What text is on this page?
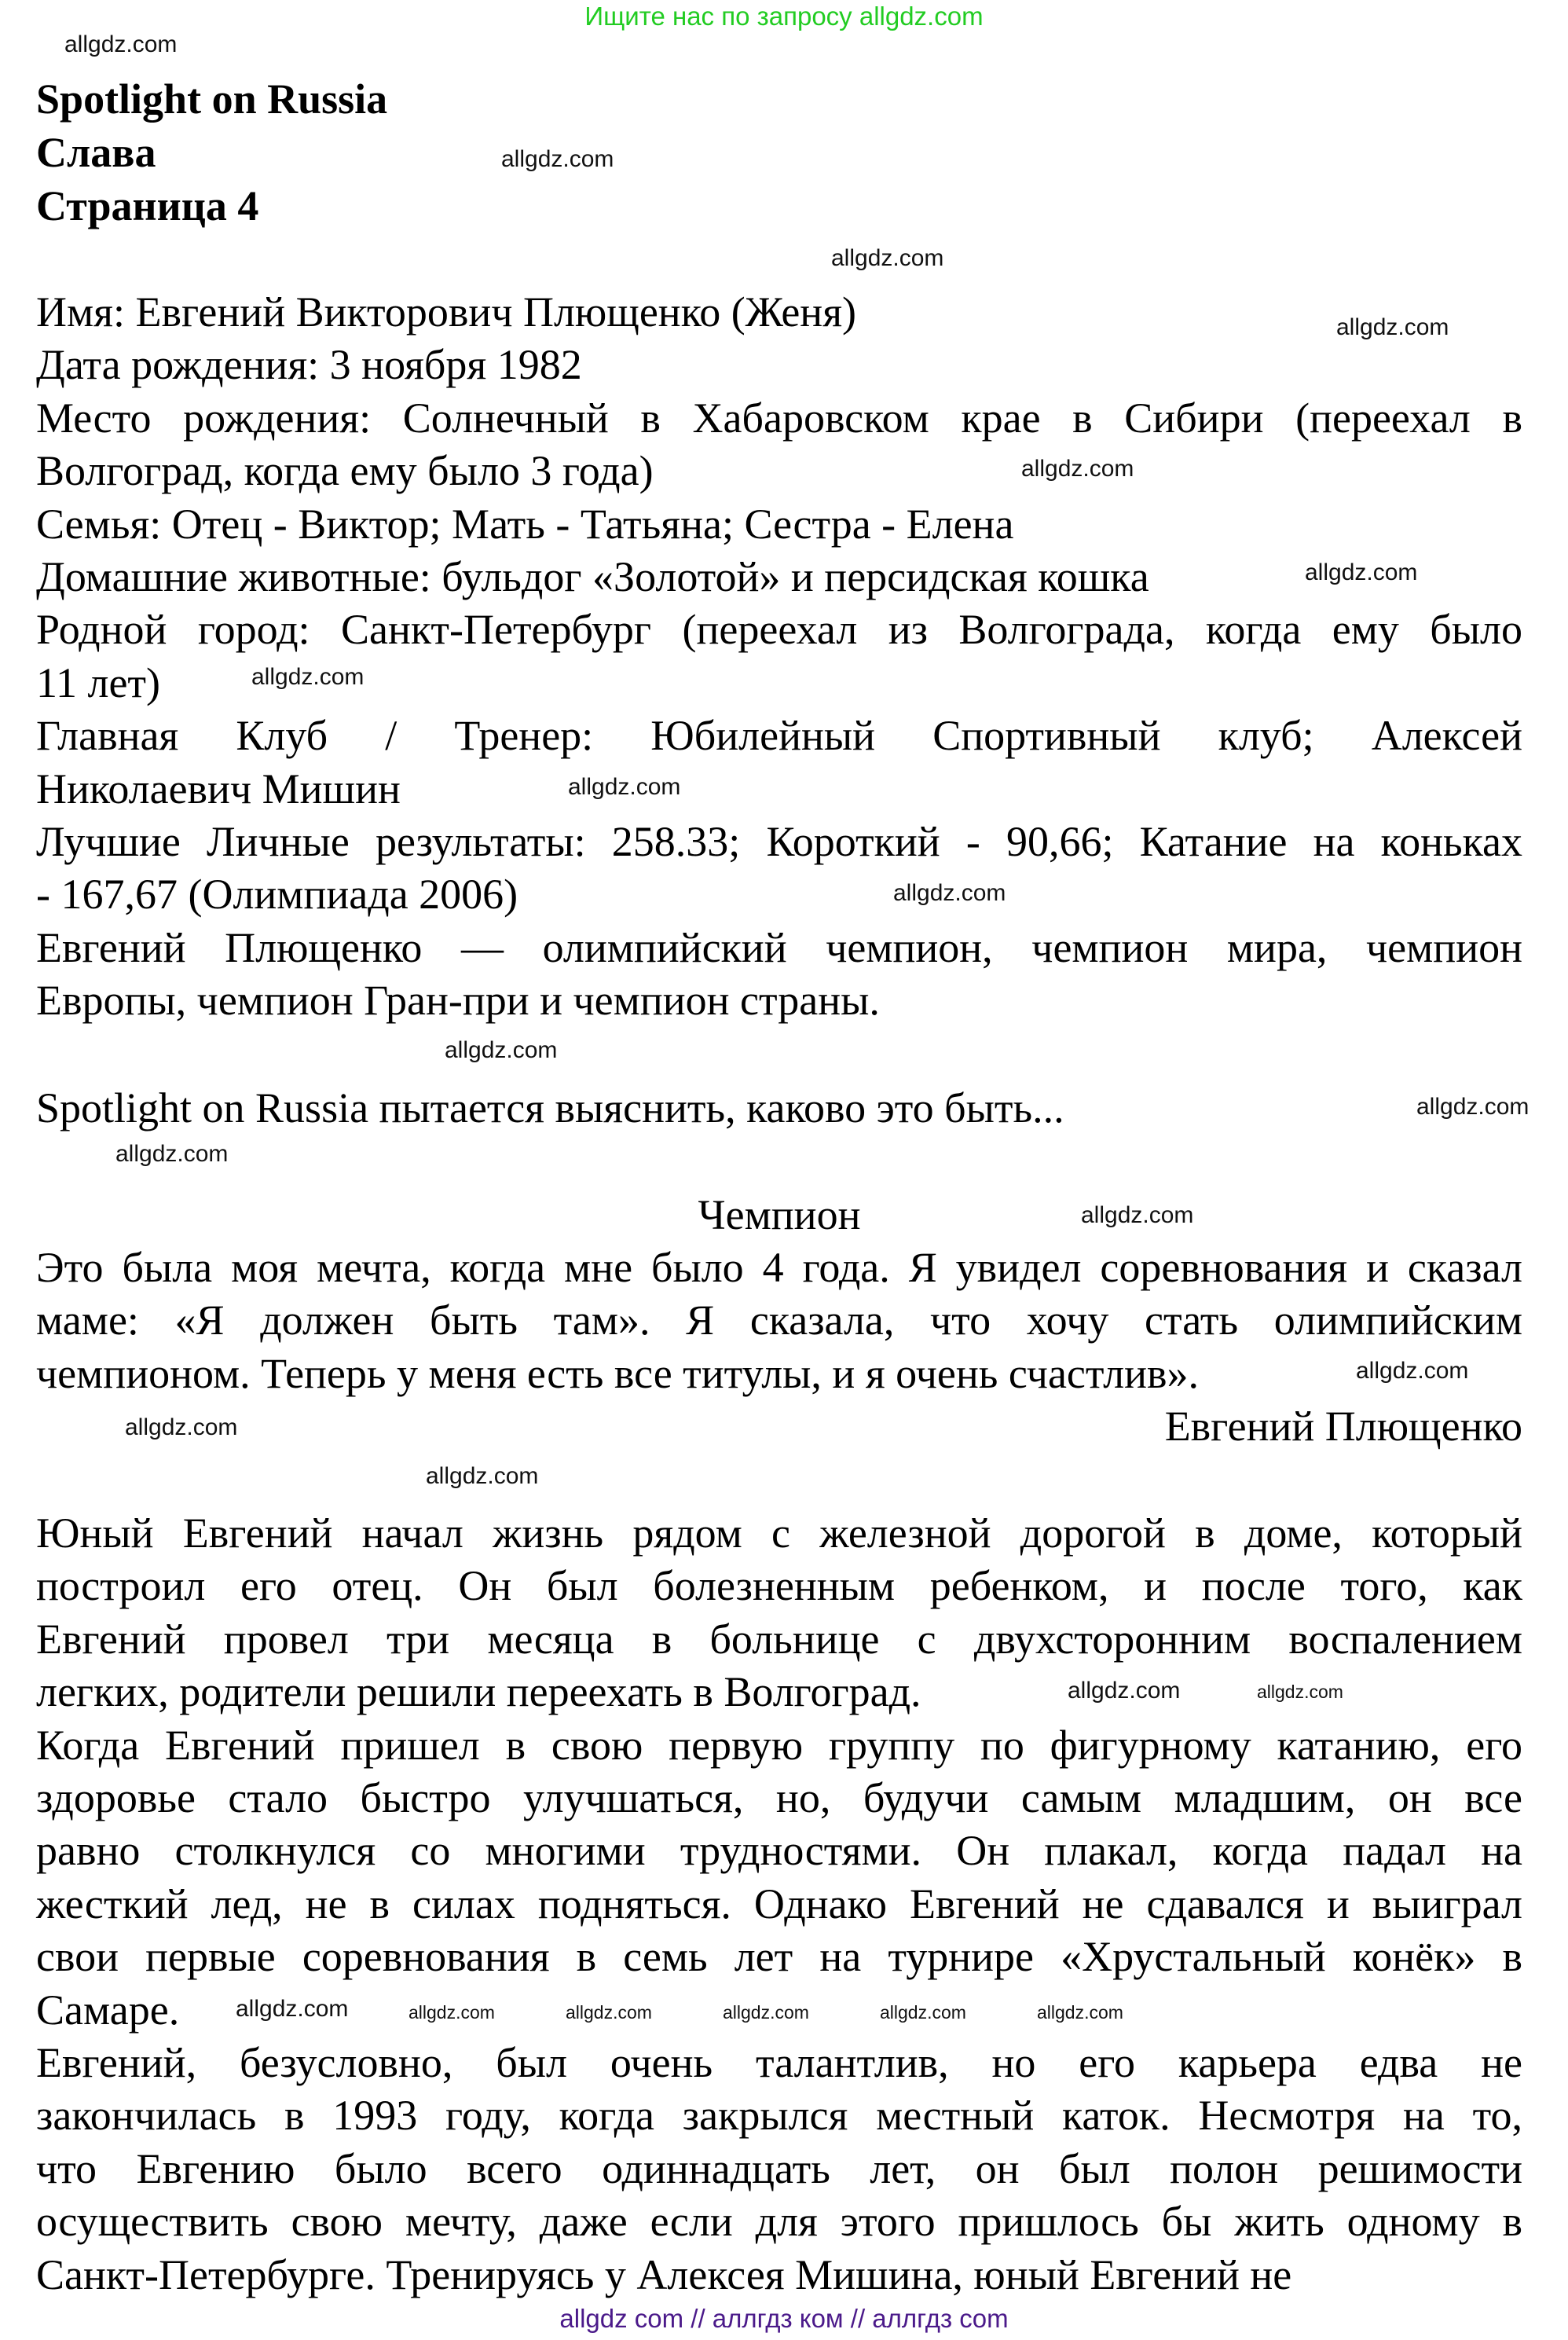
Ищите нас по запросу allgdz.com
Spotlight on Russia
Слава
Страница 4
Имя: Евгений Викторович Плющенко (Женя)
Дата рождения: 3 ноября 1982
Место рождения: Солнечный в Хабаровском крае в Сибири (переехал в
Волгоград, когда ему было 3 года)
Семья: Отец - Виктор; Мать - Татьяна; Сестра - Елена
Домашние животные: бульдог «Золотой» и персидская кошка
Родной город: Санкт-Петербург (переехал из Волгограда, когда ему было
11 лет)
Главная Клуб / Тренер: Юбилейный Спортивный клуб; Алексей
Николаевич Мишин
Лучшие Личные результаты: 258.33; Короткий - 90,66; Катание на коньках
- 167,67 (Олимпиада 2006)
Евгений Плющенко — олимпийский чемпион, чемпион мира, чемпион
Европы, чемпион Гран-при и чемпион страны.
Spotlight on Russia пытается выяснить, каково это быть...
Чемпион
Это была моя мечта, когда мне было 4 года. Я увидел соревнования и сказал
маме: «Я должен быть там». Я сказала, что хочу стать олимпийским
чемпионом. Теперь у меня есть все титулы, и я очень счастлив».
Евгений Плющенко
Юный Евгений начал жизнь рядом с железной дорогой в доме, который
построил его отец. Он был болезненным ребенком, и после того, как
Евгений провел три месяца в больнице с двухсторонним воспалением
легких, родители решили переехать в Волгоград.
Когда Евгений пришел в свою первую группу по фигурному катанию, его
здоровье стало быстро улучшаться, но, будучи самым младшим, он все
равно столкнулся со многими трудностями. Он плакал, когда падал на
жесткий лед, не в силах подняться. Однако Евгений не сдавался и выиграл
свои первые соревнования в семь лет на турнире «Хрустальный конёк» в
Самаре.
Евгений, безусловно, был очень талантлив, но его карьера едва не
закончилась в 1993 году, когда закрылся местный каток. Несмотря на то,
что Евгению было всего одиннадцать лет, он был полон решимости
осуществить свою мечту, даже если для этого пришлось бы жить одному в
Санкт-Петербурге. Тренируясь у Алексея Мишина, юный Евгений не
allgdz.com
allgdz.com
allgdz.com
allgdz.com
allgdz.com
allgdz.com
allgdz.com
allgdz.com
allgdz.com
allgdz.com
allgdz.com
allgdz.com
allgdz.com
allgdz.com
allgdz.com
allgdz.com
allgdz.com
allgdz.com
allgdz.com	allgdz.com
allgdz.com	allgdz.com	allgdz.com	allgdz.com
allgdz com // аллгдз ком // аллгдз com
